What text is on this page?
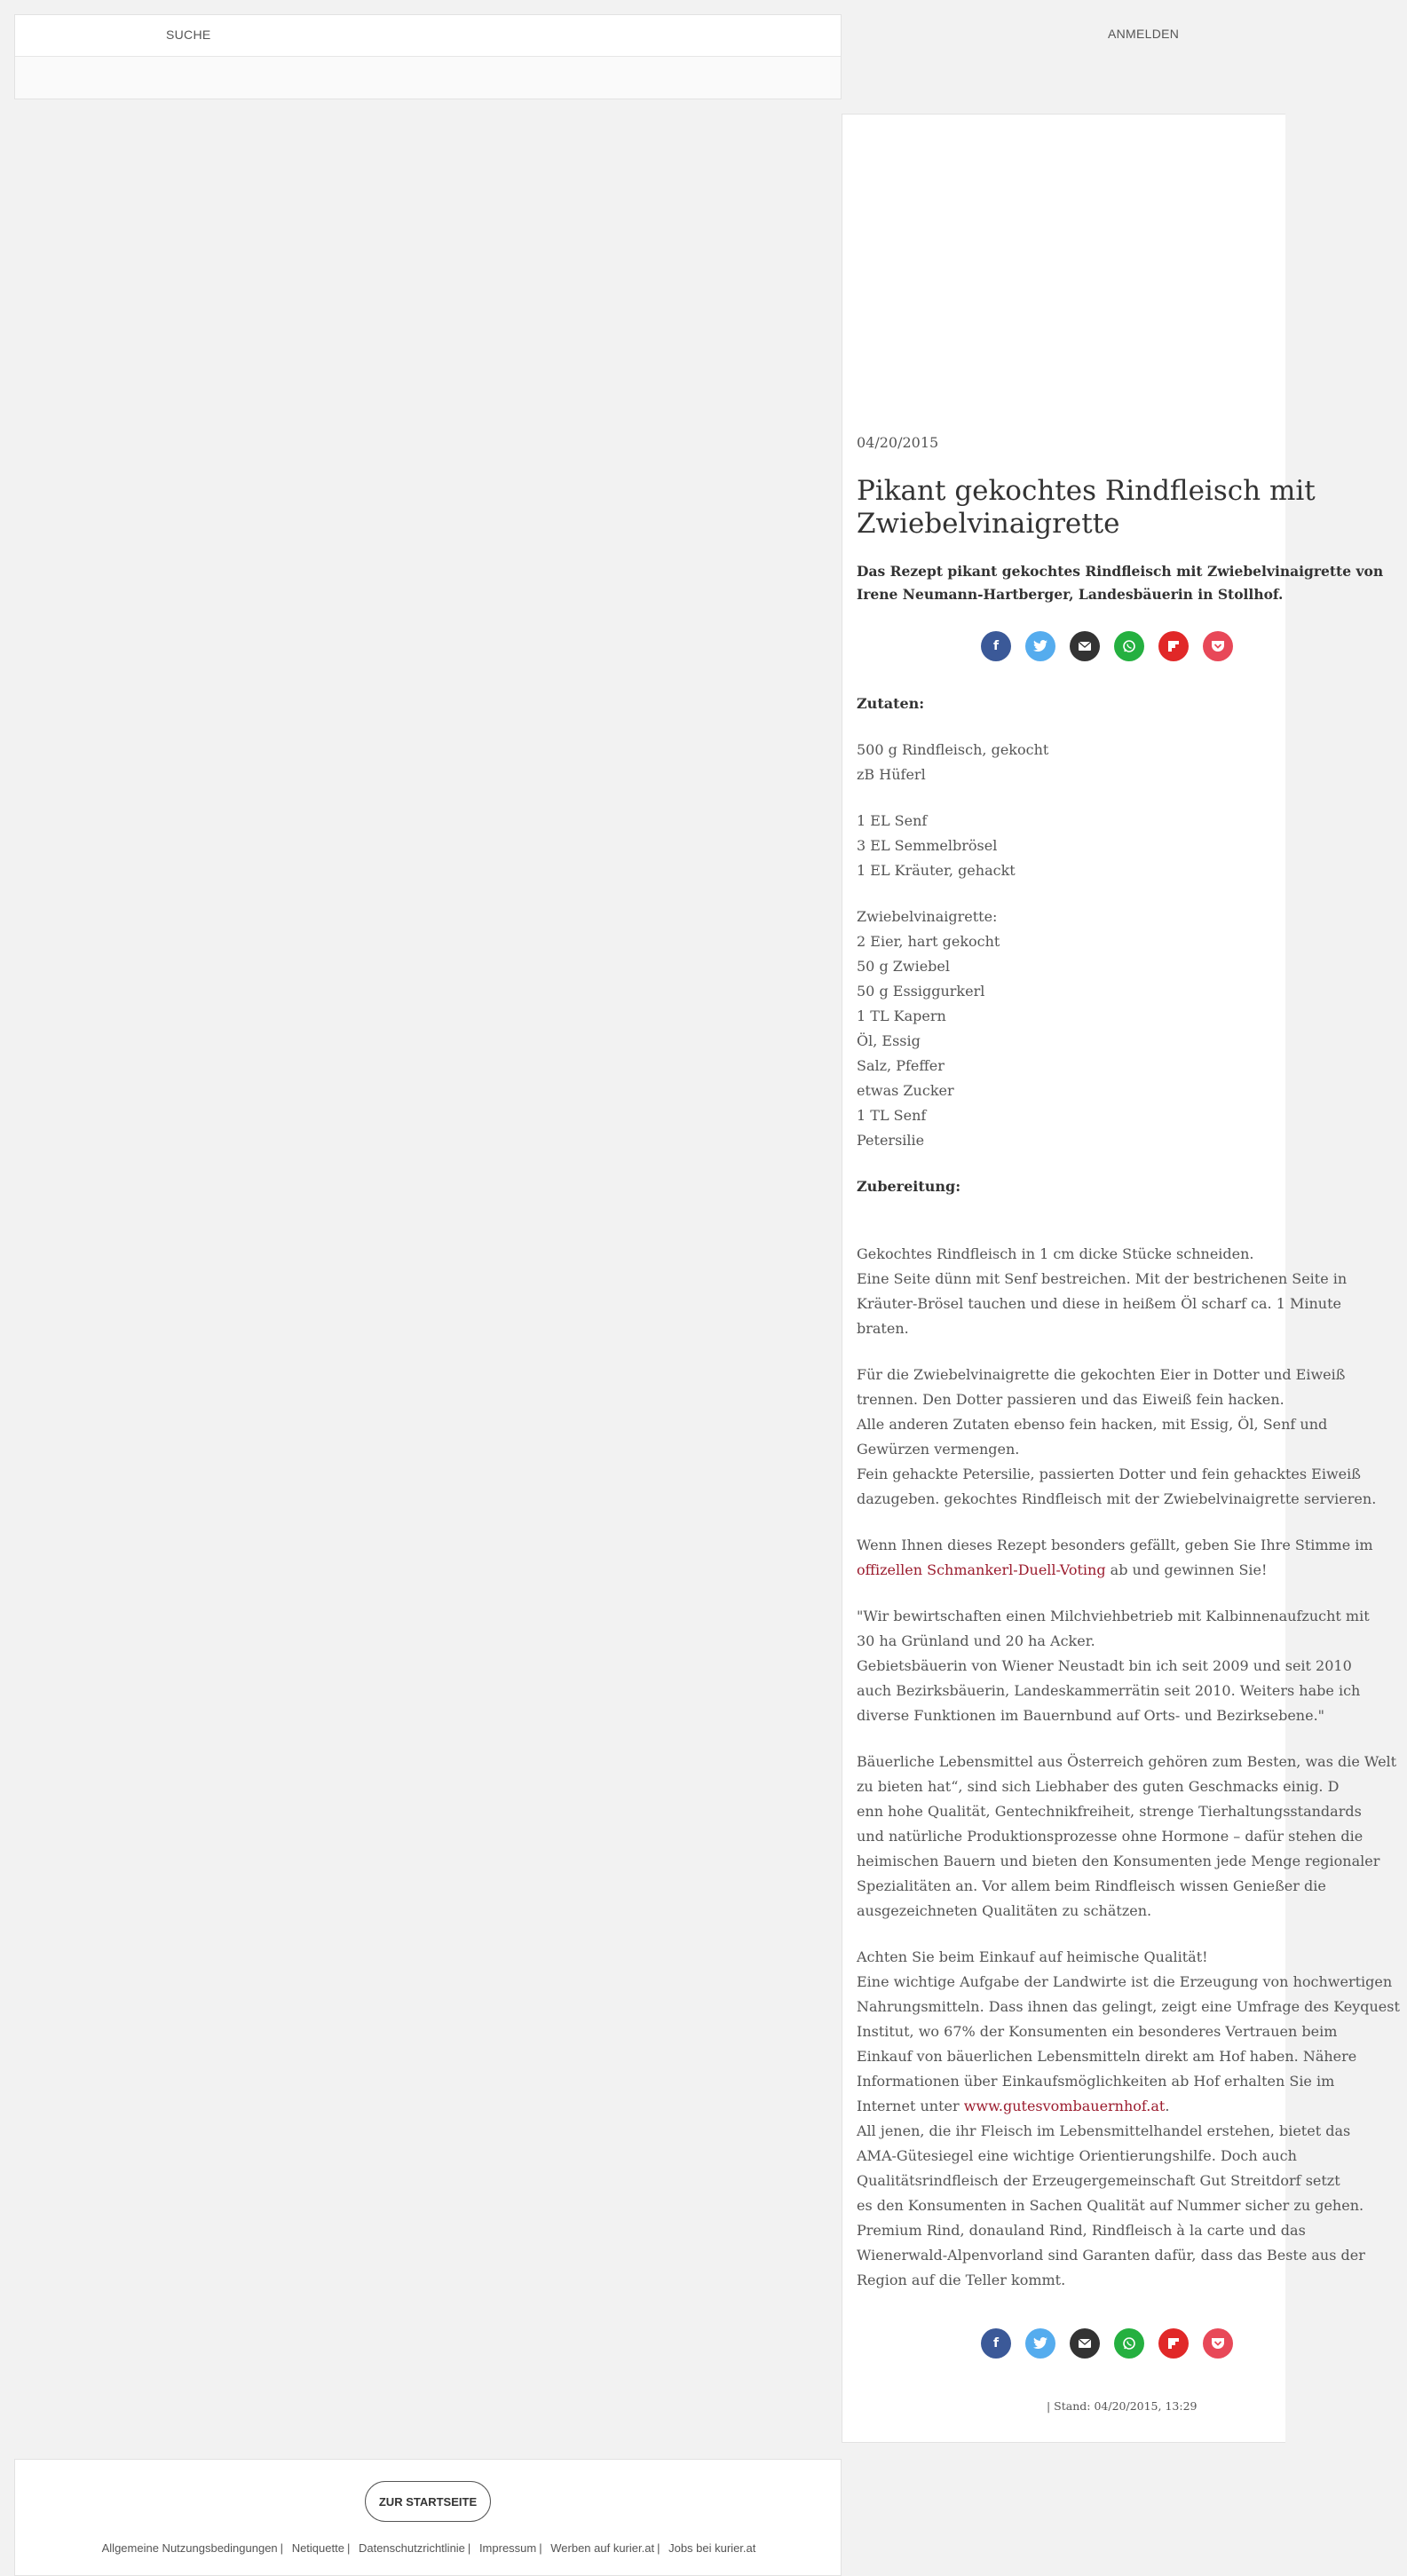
SUCHE	ANMELDEN
04/20/2015
Pikant gekochtes Rindfleisch mit Zwiebelvinaigrette

Das Rezept pikant gekochtes Rindfleisch mit Zwiebelvinaigrette von Irene Neumann-Hartberger, Landesbäuerin in Stollhof.

f

Zutaten:

500 g Rindfleisch, gekocht

zB Hüferl

1 EL Senf

3 EL Semmelbrösel

1 EL Kräuter, gehackt

Zwiebelvinaigrette:

2 Eier, hart gekocht

50 g Zwiebel

50 g Essiggurkerl

1 TL Kapern

Öl, Essig

Salz, Pfeffer

etwas Zucker

1 TL Senf

Petersilie

Zubereitung:

Gekochtes Rindfleisch in 1 cm dicke Stücke schneiden.

Eine Seite dünn mit Senf bestreichen. Mit der bestrichenen Seite in

Kräuter-Brösel tauchen und diese in heißem Öl scharf ca. 1 Minute

braten.

Für die Zwiebelvinaigrette die gekochten Eier in Dotter und Eiweiß

trennen. Den Dotter passieren und das Eiweiß fein hacken.

Alle anderen Zutaten ebenso fein hacken, mit Essig, Öl, Senf und

Gewürzen vermengen.

Fein gehackte Petersilie, passierten Dotter und fein gehacktes Eiweiß

dazugeben. gekochtes Rindfleisch mit der Zwiebelvinaigrette servieren.

Wenn Ihnen dieses Rezept besonders gefällt, geben Sie Ihre Stimme im

offizellen Schmankerl-Duell-Voting ab und gewinnen Sie!

"Wir bewirtschaften einen Milchviehbetrieb mit Kalbinnenaufzucht mit

30 ha Grünland und 20 ha Acker.

Gebietsbäuerin von Wiener Neustadt bin ich seit 2009 und seit 2010

auch Bezirksbäuerin, Landeskammerrätin seit 2010. Weiters habe ich

diverse Funktionen im Bauernbund auf Orts- und Bezirksebene."

Bäuerliche Lebensmittel aus Österreich gehören zum Besten, was die Welt

zu bieten hat“, sind sich Liebhaber des guten Geschmacks einig. D

enn hohe Qualität, Gentechnikfreiheit, strenge Tierhaltungsstandards

und natürliche Produktionsprozesse ohne Hormone – dafür stehen die

heimischen Bauern und bieten den Konsumenten jede Menge regionaler

Spezialitäten an. Vor allem beim Rindfleisch wissen Genießer die

ausgezeichneten Qualitäten zu schätzen.

Achten Sie beim Einkauf auf heimische Qualität!

Eine wichtige Aufgabe der Landwirte ist die Erzeugung von hochwertigen

Nahrungsmitteln. Dass ihnen das gelingt, zeigt eine Umfrage des Keyquest

Institut, wo 67% der Konsumenten ein besonderes Vertrauen beim

Einkauf von bäuerlichen Lebensmitteln direkt am Hof haben. Nähere

Informationen über Einkaufsmöglichkeiten ab Hof erhalten Sie im

Internet unter www.gutesvombauernhof.at.

All jenen, die ihr Fleisch im Lebensmittelhandel erstehen, bietet das

AMA-Gütesiegel eine wichtige Orientierungshilfe. Doch auch

Qualitätsrindfleisch der Erzeugergemeinschaft Gut Streitdorf setzt

es den Konsumenten in Sachen Qualität auf Nummer sicher zu gehen.

Premium Rind, donauland Rind, Rindfleisch à la carte und das

Wienerwald-Alpenvorland sind Garanten dafür, dass das Beste aus der

Region auf die Teller kommt.

f
| Stand: 04/20/2015, 13:29
ZUR STARTSEITE
Allgemeine Nutzungsbedingungen | Netiquette | Datenschutzrichtlinie | Impressum | Werben auf kurier.at | Jobs bei kurier.at
